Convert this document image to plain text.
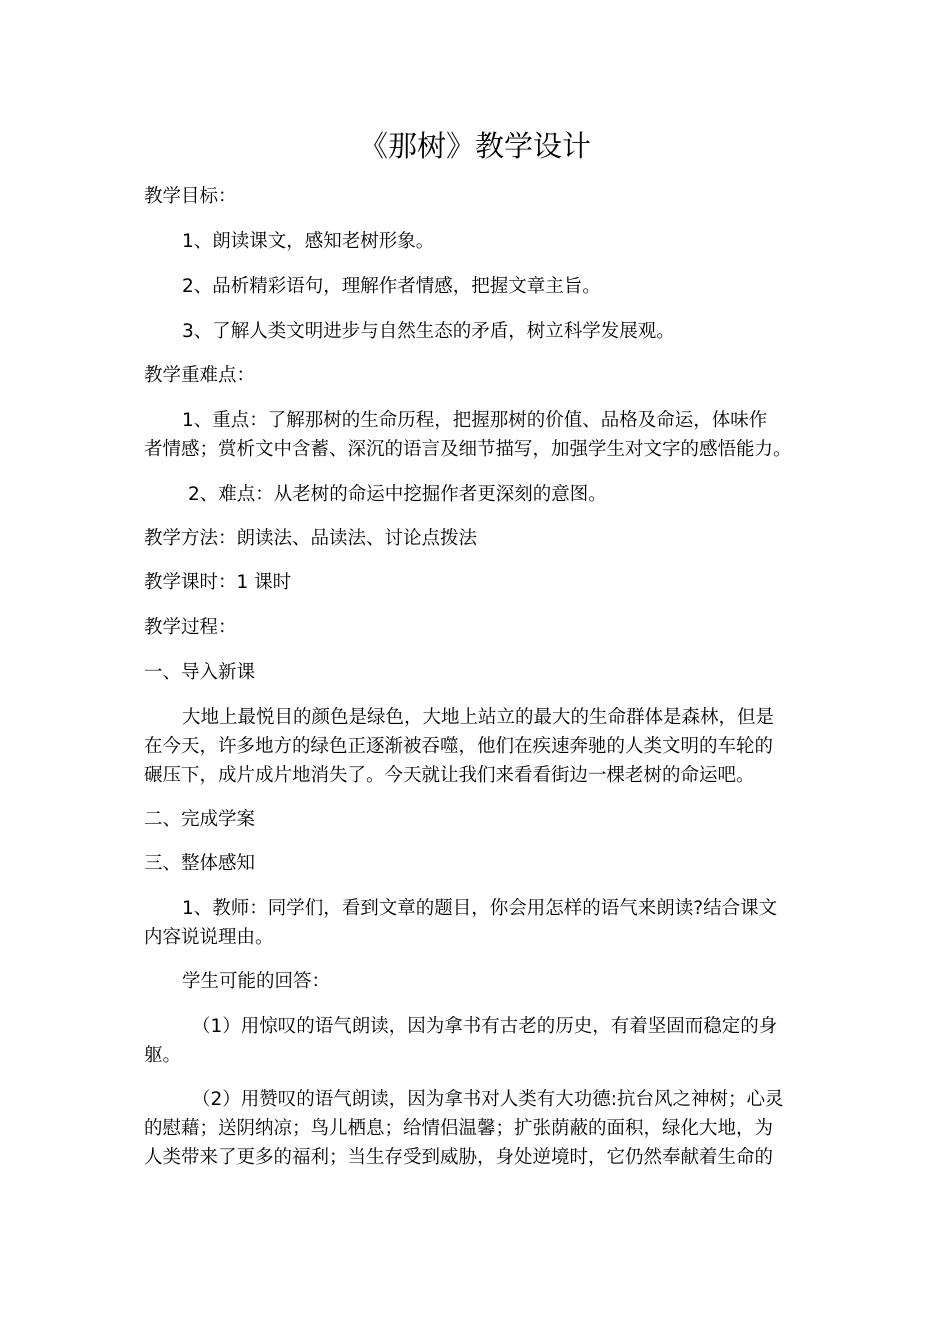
《那树》教学设计
教学目标：
1、朗读课文，感知老树形象。
2、品析精彩语句，理解作者情感，把握文章主旨。
3、了解人类文明进步与自然生态的矛盾，树立科学发展观。
教学重难点：
1、重点：了解那树的生命历程，把握那树的价值、品格及命运，体味作
者情感；赏析文中含蓄、深沉的语言及细节描写，加强学生对文字的感悟能力。
2、难点：从老树的命运中挖掘作者更深刻的意图。
教学方法：朗读法、品读法、讨论点拨法
教学课时：1 课时
教学过程：
一、导入新课
大地上最悦目的颜色是绿色，大地上站立的最大的生命群体是森林，但是
在今天，许多地方的绿色正逐渐被吞噬，他们在疾速奔驰的人类文明的车轮的
碾压下，成片成片地消失了。今天就让我们来看看街边一棵老树的命运吧。
二、完成学案
三、整体感知
1、教师：同学们，看到文章的题目，你会用怎样的语气来朗读?结合课文
内容说说理由。
学生可能的回答：
（1）用惊叹的语气朗读，因为拿书有古老的历史，有着坚固而稳定的身
躯。
（2）用赞叹的语气朗读，因为拿书对人类有大功德:抗台风之神树；心灵
的慰藉；送阴纳凉；鸟儿栖息；给情侣温馨；扩张荫蔽的面积，绿化大地，为
人类带来了更多的福利；当生存受到威胁，身处逆境时，它仍然奉献着生命的
